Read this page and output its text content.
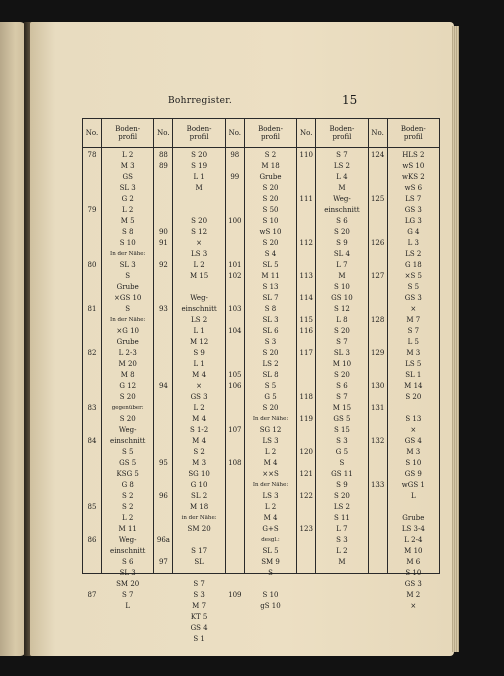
Bohrregister.	15
No.
78
79
80
81
82
83
84
85
86
87
Boden-
profil
L 2
M 3
GS
SL 3
G 2
L 2
M 5
S 8
S 10
In der Nähe:
SL 3
S
Grube
×GS 10
S
In der Nähe:
×G 10
Grube
L 2-3
M 20
M 8
G 12
S 20
gegenüber:
S 20
Weg-
einschnitt
S 5
GS 5
KSG 5
G 8
S 2
S 2
L 2
M 11
Weg-
einschnitt
S 6
SL 3
SM 20
S 7
L
No.
88
89
90
91
92
93
94
95
96
96a
97
Boden-
profil
S 20
S 19
L 1
M
S 20
S 12
×
LS 3
L 2
M 15
Weg-
einschnitt
LS 2
L 1
M 12
S 9
L 1
M 4
×
GS 3
L 2
M 4
S 1-2
M 4
S 2
M 3
SG 10
G 10
SL 2
M 18
in der Nähe:
SM 20
S 17
SL
S 7
S 3
M 7
KT 5
GS 4
S 1
No.
98
99
100
101
102
103
104
105
106
107
108
109
Boden-
profil
S 2
M 18
Grube
S 20
S 20
S 50
S 10
wS 10
S 20
S 4
SL 5
M 11
S 13
SL 7
S 8
SL 3
SL 6
S 3
S 20
LS 2
SL 8
S 5
G 5
S 20
In der Nähe:
SG 12
LS 3
L 2
M 4
××S
In der Nähe:
LS 3
L 2
M 4
G+S
desgl.:
SL 5
SM 9
S
S 10
gS 10
No.
110
111
112
113
114
115
116
117
118
119
120
121
122
123
Boden-
profil
S 7
LS 2
L 4
M
Weg-
einschnitt
S 6
S 20
S 9
SL 4
L 7
M
S 10
GS 10
S 12
L 8
S 20
S 7
SL 3
M 10
S 20
S 6
S 7
M 15
GS 5
S 15
S 3
G 5
S
GS 11
S 9
S 20
LS 2
S 11
L 7
S 3
L 2
M
No.
124
125
126
127
128
129
130
131
132
133
Boden-
profil
HLS 2
wS 10
wKS 2
wS 6
LS 7
GS 3
LG 3
G 4
L 3
LS 2
G 18
×S 5
S 5
GS 3
×
M 7
S 7
L 5
M 3
LS 5
SL 1
M 14
S 20
S 13
×
GS 4
M 3
S 10
GS 9
wGS 1
L
Grube
LS 3-4
L 2-4
M 10
M 6
S 10
GS 3
M 2
×
